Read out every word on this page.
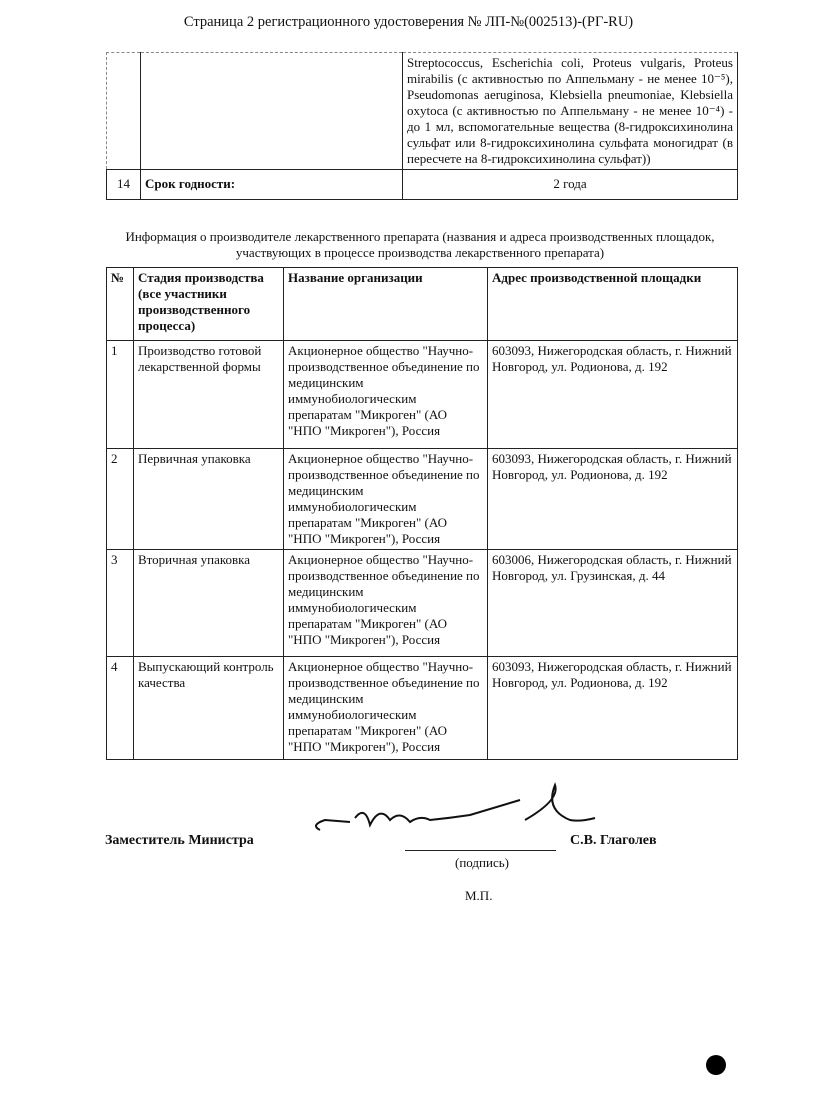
Страница 2 регистрационного удостоверения № ЛП-№(002513)-(РГ-RU)
		Streptococcus, Escherichia coli, Proteus vulgaris, Proteus mirabilis (с активностью по Аппельману - не менее 10⁻⁵), Pseudomonas aeruginosa, Klebsiella pneumoniae, Klebsiella oxytoca (с активностью по Аппельману - не менее 10⁻⁴) - до 1 мл, вспомогательные вещества (8-гидроксихинолина сульфат или 8-гидроксихинолина сульфата моногидрат (в пересчете на 8-гидроксихинолина сульфат))
14	Срок годности:	2 года
Информация о производителе лекарственного препарата (названия и адреса производственных площадок, участвующих в процессе производства лекарственного препарата)
№	Стадия производства (все участники производственного процесса)	Название организации	Адрес производственной площадки
1	Производство готовой лекарственной формы	Акционерное общество "Научно-производственное объединение по медицинским иммунобиологическим препаратам "Микроген" (АО "НПО "Микроген"), Россия	603093, Нижегородская область, г. Нижний Новгород, ул. Родионова, д. 192
2	Первичная упаковка	Акционерное общество "Научно-производственное объединение по медицинским иммунобиологическим препаратам "Микроген" (АО "НПО "Микроген"), Россия	603093, Нижегородская область, г. Нижний Новгород, ул. Родионова, д. 192
3	Вторичная упаковка	Акционерное общество "Научно-производственное объединение по медицинским иммунобиологическим препаратам "Микроген" (АО "НПО "Микроген"), Россия	603006, Нижегородская область, г. Нижний Новгород, ул. Грузинская, д. 44
4	Выпускающий контроль качества	Акционерное общество "Научно-производственное объединение по медицинским иммунобиологическим препаратам "Микроген" (АО "НПО "Микроген"), Россия	603093, Нижегородская область, г. Нижний Новгород, ул. Родионова, д. 192
Заместитель Министра	С.В. Глаголев
(подпись)
М.П.
